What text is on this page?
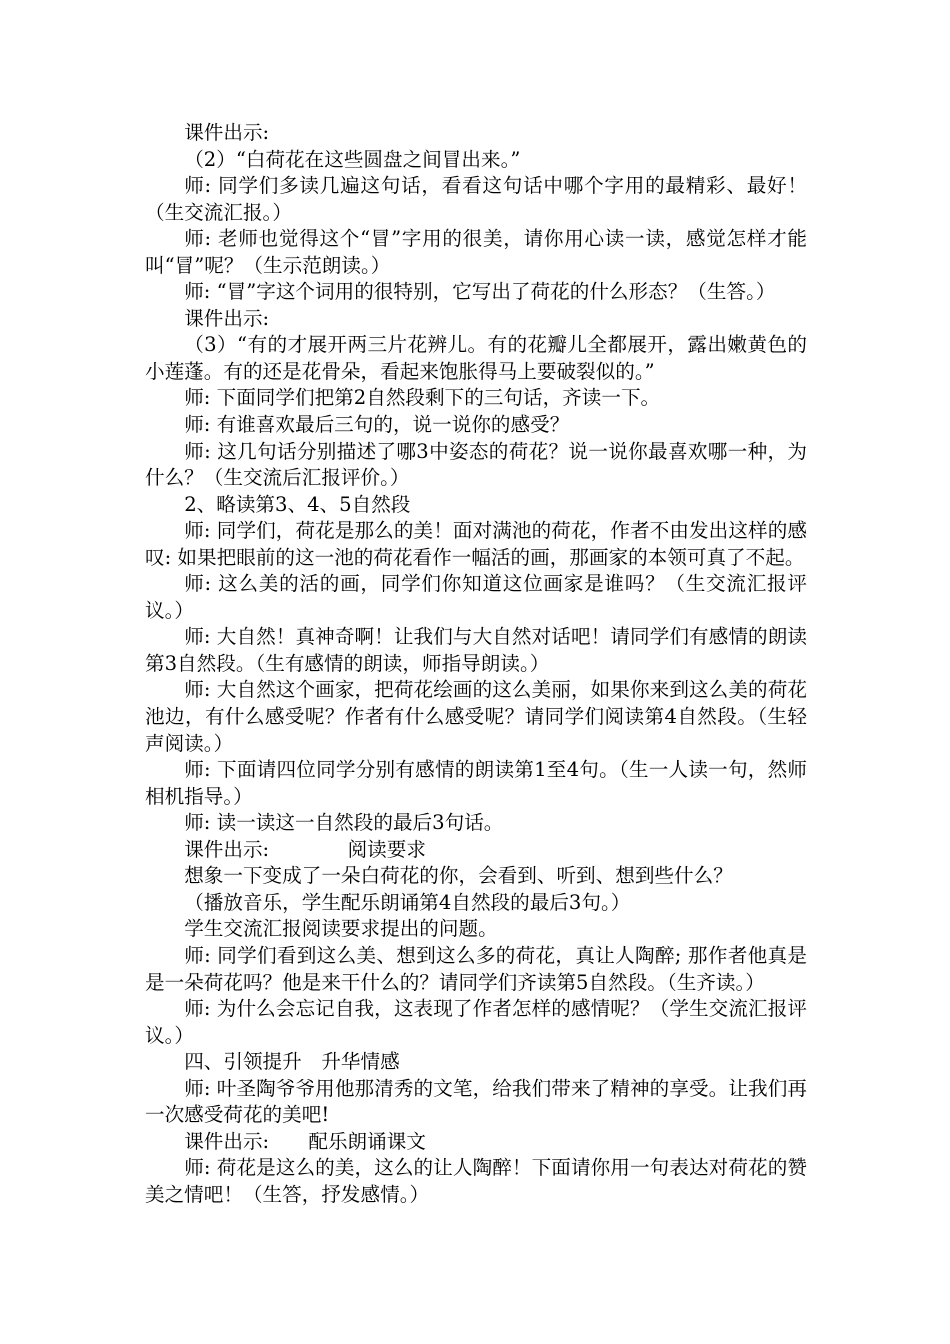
课件出示:

（2）“白荷花在这些圆盘之间冒出来。”

师: 同学们多读几遍这句话，看看这句话中哪个字用的最精彩、最好！（生交流汇报。）

师: 老师也觉得这个“冒”字用的很美，请你用心读一读，感觉怎样才能叫“冒”呢？（生示范朗读。）

师: “冒”字这个词用的很特别，它写出了荷花的什么形态？（生答。）

课件出示:

（3）“有的才展开两三片花辨儿。有的花瓣儿全都展开，露出嫩黄色的小莲蓬。有的还是花骨朵，看起来饱胀得马上要破裂似的。”

师: 下面同学们把第2自然段剩下的三句话，齐读一下。

师: 有谁喜欢最后三句的，说一说你的感受？

师: 这几句话分别描述了哪3中姿态的荷花？说一说你最喜欢哪一种，为什么？（生交流后汇报评价。）

2、略读第3、4、5自然段

师: 同学们，荷花是那么的美！面对满池的荷花，作者不由发出这样的感叹: 如果把眼前的这一池的荷花看作一幅活的画，那画家的本领可真了不起。

师: 这么美的活的画，同学们你知道这位画家是谁吗？（生交流汇报评议。）

师: 大自然！真神奇啊！让我们与大自然对话吧！请同学们有感情的朗读第3自然段。（生有感情的朗读，师指导朗读。）

师: 大自然这个画家，把荷花绘画的这么美丽，如果你来到这么美的荷花池边，有什么感受呢？作者有什么感受呢？请同学们阅读第4自然段。（生轻声阅读。）

师: 下面请四位同学分别有感情的朗读第1至4句。（生一人读一句，然师相机指导。）

师: 读一读这一自然段的最后3句话。

课件出示:	阅读要求

想象一下变成了一朵白荷花的你，会看到、听到、想到些什么？

（播放音乐，学生配乐朗诵第4自然段的最后3句。）

学生交流汇报阅读要求提出的问题。

师: 同学们看到这么美、想到这么多的荷花，真让人陶醉; 那作者他真是是一朵荷花吗？他是来干什么的？请同学们齐读第5自然段。（生齐读。）

师: 为什么会忘记自我，这表现了作者怎样的感情呢？（学生交流汇报评议。）

四、引领提升 升华情感

师: 叶圣陶爷爷用他那清秀的文笔，给我们带来了精神的享受。让我们再一次感受荷花的美吧!

课件出示: 配乐朗诵课文

师: 荷花是这么的美，这么的让人陶醉！下面请你用一句表达对荷花的赞美之情吧！（生答，抒发感情。）
